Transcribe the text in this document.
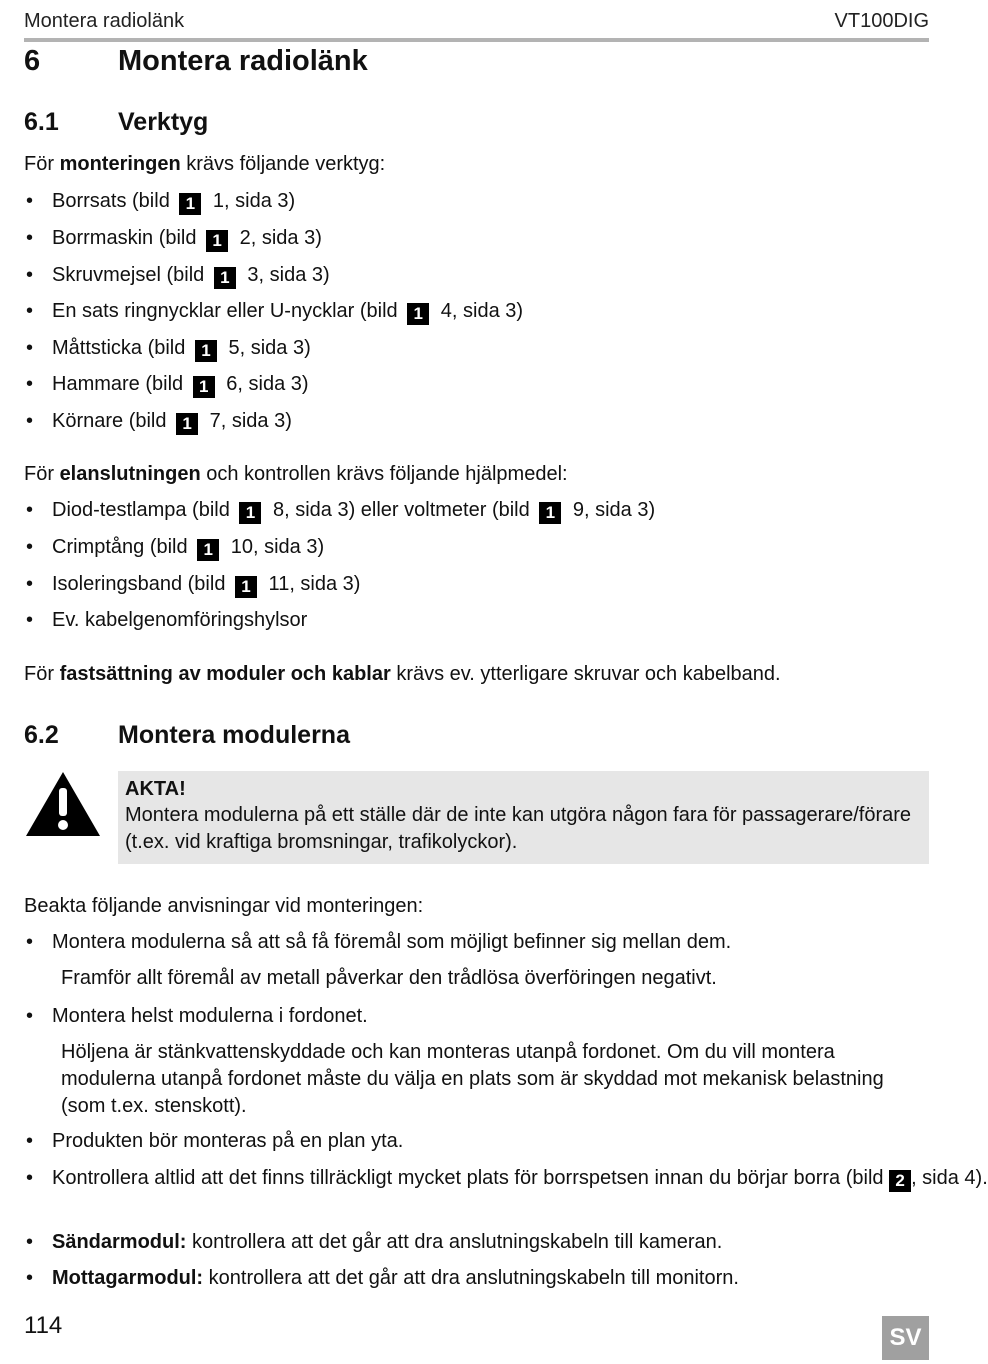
Montera radiolänk	VT100DIG
6	Montera radiolänk
6.1 Verktyg
För monteringen krävs följande verktyg:
• Borrsats (bild 1 1, sida 3)
• Borrmaskin (bild 1 2, sida 3)
• Skruvmejsel (bild 1 3, sida 3)
• En sats ringnycklar eller U-nycklar (bild 1 4, sida 3)
• Måttsticka (bild 1 5, sida 3)
• Hammare (bild 1 6, sida 3)
• Körnare (bild 1 7, sida 3)
För elanslutningen och kontrollen krävs följande hjälpmedel:
• Diod-testlampa (bild 1 8, sida 3) eller voltmeter (bild 1 9, sida 3)
• Crimptång (bild 1 10, sida 3)
• Isoleringsband (bild 1 11, sida 3)
• Ev. kabelgenomföringshylsor
För fastsättning av moduler och kablar krävs ev. ytterligare skruvar och kabelband.
6.2 Montera modulerna
AKTA!
Montera modulerna på ett ställe där de inte kan utgöra någon fara för passagerare/förare (t.ex. vid kraftiga bromsningar, trafikolyckor).
Beakta följande anvisningar vid monteringen:
• Montera modulerna så att så få föremål som möjligt befinner sig mellan dem.
• Montera helst modulerna i fordonet.
• Produkten bör monteras på en plan yta.
• Kontrollera altlid att det finns tillräckligt mycket plats för borrspetsen innan du börjar borra (bild 2 , sida 4).
• Sändarmodul: kontrollera att det går att dra anslutningskabeln till kameran.
• Mottagarmodul: kontrollera att det går att dra anslutningskabeln till monitorn.
Framför allt föremål av metall påverkar den trådlösa överföringen negativt.
Höljena är stänkvattenskyddade och kan monteras utanpå fordonet. Om du vill montera modulerna utanpå fordonet måste du välja en plats som är skyddad mot mekanisk belastning (som t.ex. stenskott).
114	SV
